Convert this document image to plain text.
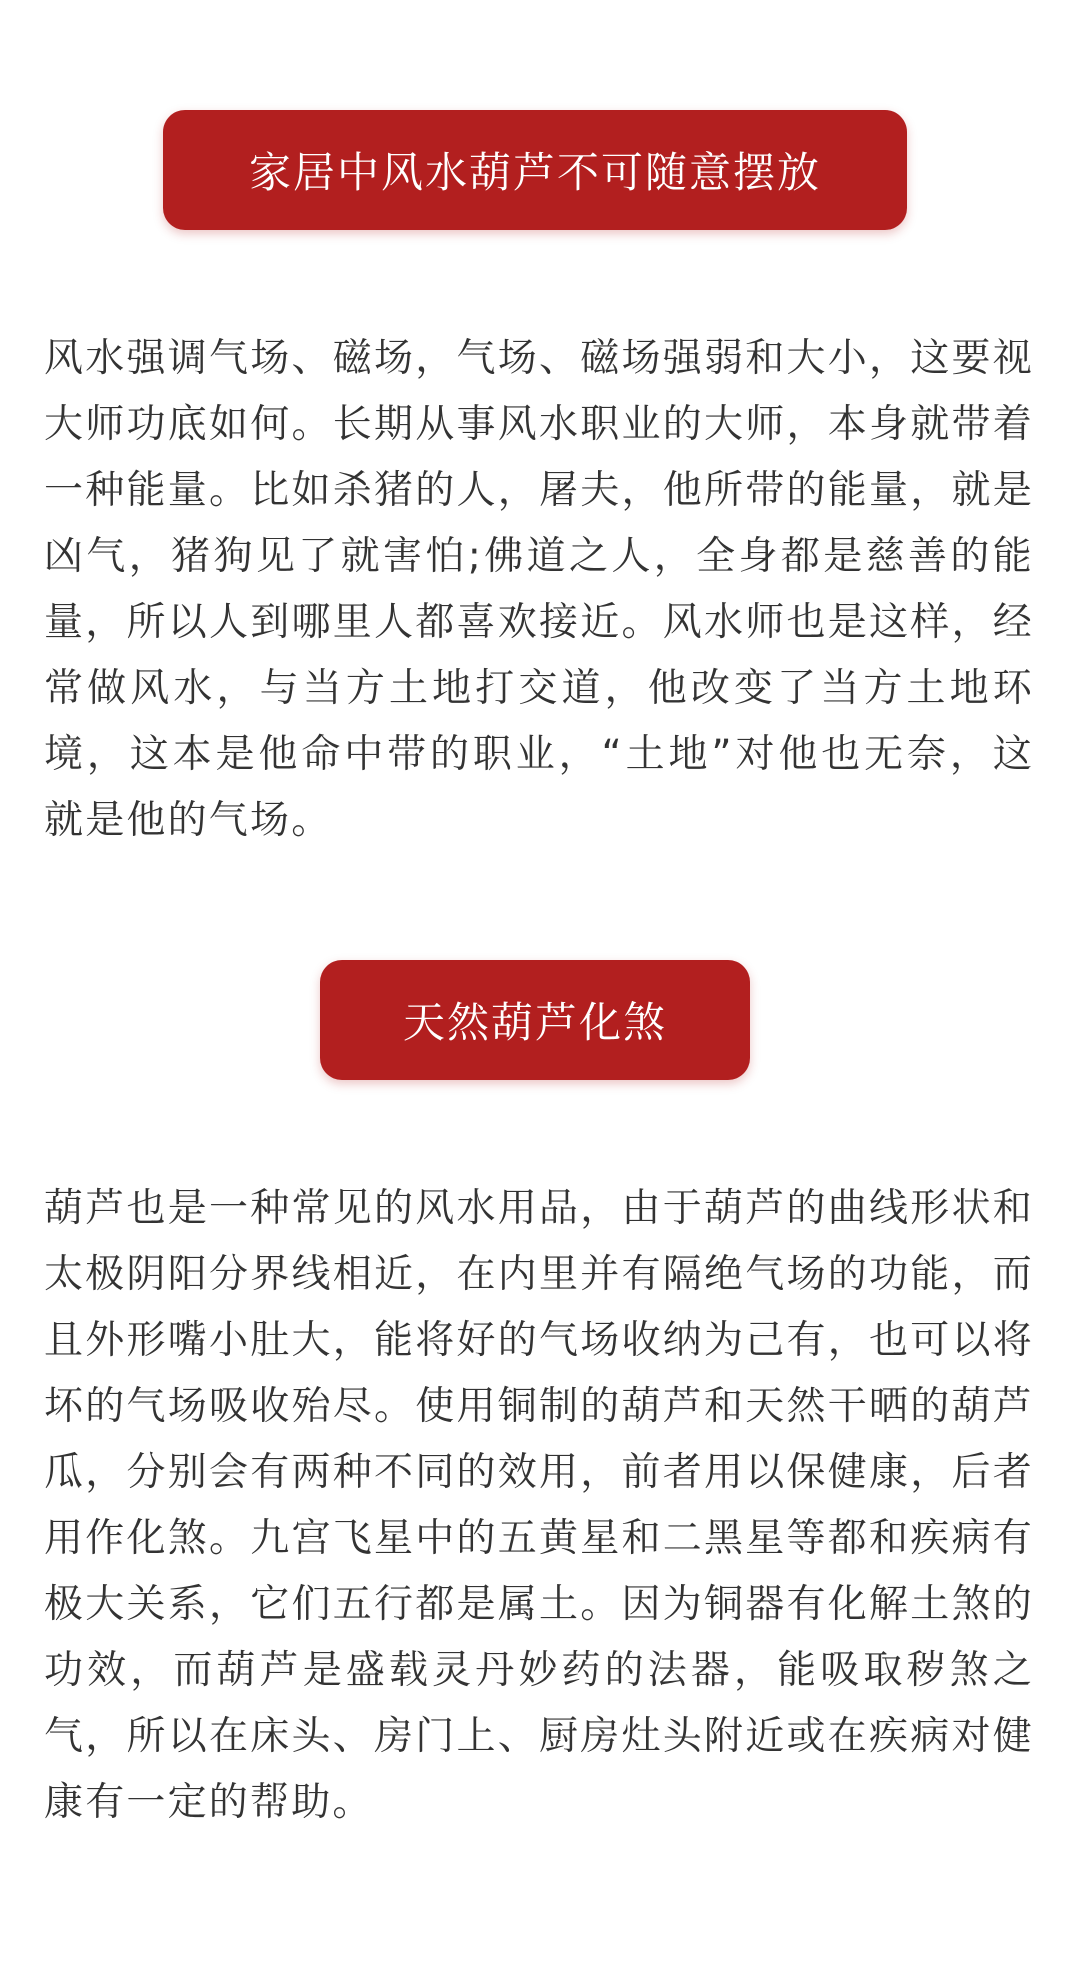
家居中风水葫芦不可随意摆放

风水强调气场、磁场，气场、磁场强弱和大小，这要视大师功底如何。长期从事风水职业的大师，本身就带着一种能量。比如杀猪的人，屠夫，他所带的能量，就是凶气，猪狗见了就害怕;佛道之人，全身都是慈善的能量，所以人到哪里人都喜欢接近。风水师也是这样，经常做风水，与当方土地打交道，他改变了当方土地环境，这本是他命中带的职业，“土地”对他也无奈，这就是他的气场。

天然葫芦化煞

葫芦也是一种常见的风水用品，由于葫芦的曲线形状和太极阴阳分界线相近，在内里并有隔绝气场的功能，而且外形嘴小肚大，能将好的气场收纳为己有，也可以将坏的气场吸收殆尽。使用铜制的葫芦和天然干晒的葫芦瓜，分别会有两种不同的效用，前者用以保健康，后者用作化煞。九宫飞星中的五黄星和二黑星等都和疾病有极大关系，它们五行都是属土。因为铜器有化解土煞的功效，而葫芦是盛载灵丹妙药的法器，能吸取秽煞之气，所以在床头、房门上、厨房灶头附近或在疾病对健康有一定的帮助。
